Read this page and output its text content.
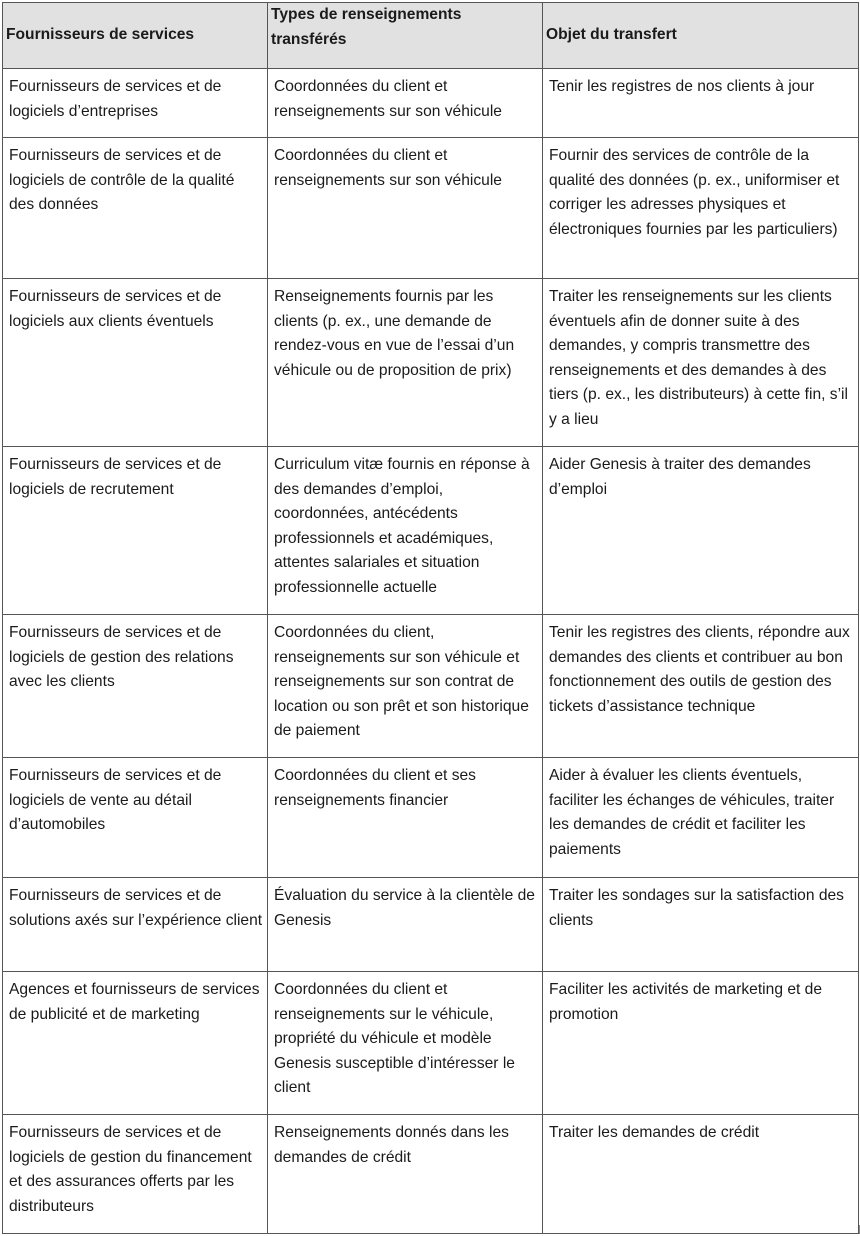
Fournisseurs de services	Types de renseignements transférés	Objet du transfert

Fournisseurs de services et de logiciels d’entreprises	Coordonnées du client et renseignements sur son véhicule	Tenir les registres de nos clients à jour

Fournisseurs de services et de logiciels de contrôle de la qualité des données	Coordonnées du client et renseignements sur son véhicule	Fournir des services de contrôle de la qualité des données (p. ex., uniformiser et corriger les adresses physiques et électroniques fournies par les particuliers)

Fournisseurs de services et de logiciels aux clients éventuels	Renseignements fournis par les clients (p. ex., une demande de rendez-vous en vue de l’essai d’un véhicule ou de proposition de prix)	Traiter les renseignements sur les clients éventuels afin de donner suite à des demandes, y compris transmettre des renseignements et des demandes à des tiers (p. ex., les distributeurs) à cette fin, s’il y a lieu

Fournisseurs de services et de logiciels de recrutement	Curriculum vitæ fournis en réponse à des demandes d’emploi, coordonnées, antécédents professionnels et académiques, attentes salariales et situation professionnelle actuelle	Aider Genesis à traiter des demandes d’emploi

Fournisseurs de services et de logiciels de gestion des relations avec les clients	Coordonnées du client, renseignements sur son véhicule et renseignements sur son contrat de location ou son prêt et son historique de paiement	Tenir les registres des clients, répondre aux demandes des clients et contribuer au bon fonctionnement des outils de gestion des tickets d’assistance technique

Fournisseurs de services et de logiciels de vente au détail d’automobiles	Coordonnées du client et ses renseignements financier	Aider à évaluer les clients éventuels, faciliter les échanges de véhicules, traiter les demandes de crédit et faciliter les paiements

Fournisseurs de services et de solutions axés sur l’expérience client	Évaluation du service à la clientèle de Genesis	Traiter les sondages sur la satisfaction des clients

Agences et fournisseurs de services de publicité et de marketing	Coordonnées du client et renseignements sur le véhicule, propriété du véhicule et modèle Genesis susceptible d’intéresser le client	Faciliter les activités de marketing et de promotion

Fournisseurs de services et de logiciels de gestion du financement et des assurances offerts par les distributeurs	Renseignements donnés dans les demandes de crédit	Traiter les demandes de crédit
